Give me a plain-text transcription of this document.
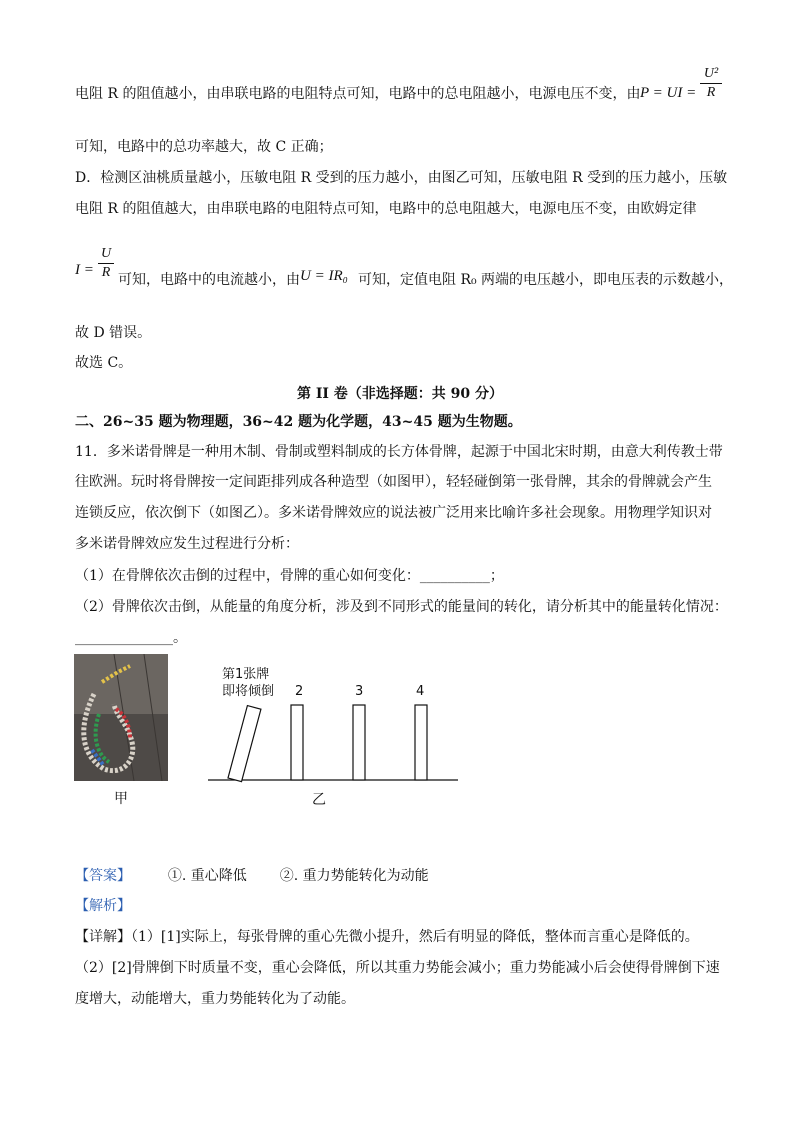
电阻 R 的阻值越小，由串联电路的电阻特点可知，电路中的总电阻越小，电源电压不变，由 P = UI =
U²
R
可知，电路中的总功率越大，故 C 正确；
D．检测区油桃质量越小，压敏电阻 R 受到的压力越小，由图乙可知，压敏电阻 R 受到的压力越小，压敏
电阻 R 的阻值越大，由串联电路的电阻特点可知，电路中的总电阻越大，电源电压不变，由欧姆定律
I =
U
R 可知，电路中的电流越小，由 U = IR₀ 可知，定值电阻 R₀ 两端的电压越小，即电压表的示数越小，
故 D 错误。
故选 C。
第 II 卷（非选择题：共 90 分）
二、26~35 题为物理题，36~42 题为化学题，43~45 题为生物题。
11．多米诺骨牌是一种用木制、骨制或塑料制成的长方体骨牌，起源于中国北宋时期，由意大利传教士带
往欧洲。玩时将骨牌按一定间距排列成各种造型（如图甲），轻轻碰倒第一张骨牌，其余的骨牌就会产生
连锁反应，依次倒下（如图乙）。多米诺骨牌效应的说法被广泛用来比喻许多社会现象。用物理学知识对
多米诺骨牌效应发生过程进行分析：
（1）在骨牌依次击倒的过程中，骨牌的重心如何变化：__________；
（2）骨牌依次击倒，从能量的角度分析，涉及到不同形式的能量间的转化，请分析其中的能量转化情况：
______________。
甲
第1张牌
即将倾倒 2	3	4
乙
【答案】	①. 重心降低 ②. 重力势能转化为动能
【解析】
【详解】（1）[1]实际上，每张骨牌的重心先微小提升，然后有明显的降低，整体而言重心是降低的。
（2）[2]骨牌倒下时质量不变，重心会降低，所以其重力势能会减小；重力势能减小后会使得骨牌倒下速
度增大，动能增大，重力势能转化为了动能。
